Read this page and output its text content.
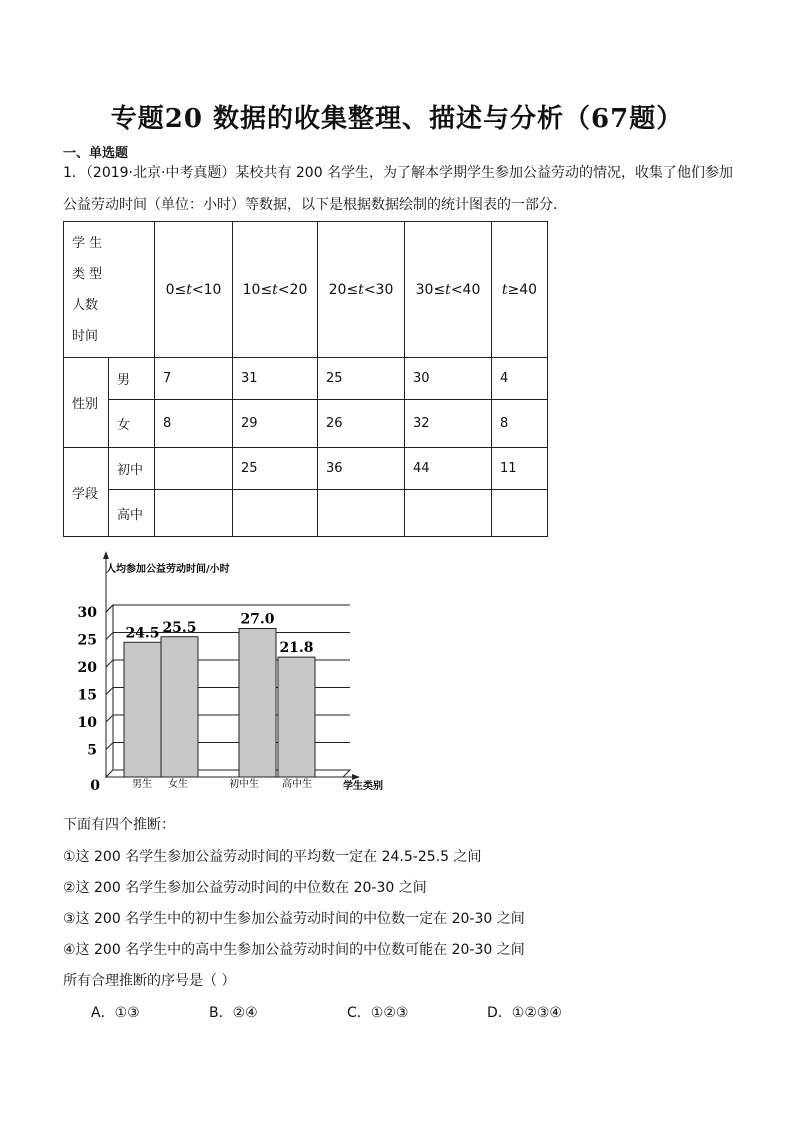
专题20 数据的收集整理、描述与分析（67题）
一、单选题
1．（2019·北京·中考真题）某校共有 200 名学生，为了解本学期学生参加公益劳动的情况，收集了他们参加
公益劳动时间（单位：小时）等数据，以下是根据数据绘制的统计图表的一部分．
学 生
类 型
人数
时间		0≤t<10	10≤t<20	20≤t<30	30≤t<40	t≥40
性别	男	7	31	25	30	4
	女	8	29	26	32	8
学段	初中		25	36	44	11
	高中					
0
5
10
15
20
25
30
人均参加公益劳动时间/小时
学生类别
24.5
男生
25.5
女生
27.0
初中生
21.8
高中生
下面有四个推断：
①这 200 名学生参加公益劳动时间的平均数一定在 24.5-25.5 之间
②这 200 名学生参加公益劳动时间的中位数在 20-30 之间
③这 200 名学生中的初中生参加公益劳动时间的中位数一定在 20-30 之间
④这 200 名学生中的高中生参加公益劳动时间的中位数可能在 20-30 之间
所有合理推断的序号是（ ）
A．①③	B．②④	C．①②③	D．①②③④
